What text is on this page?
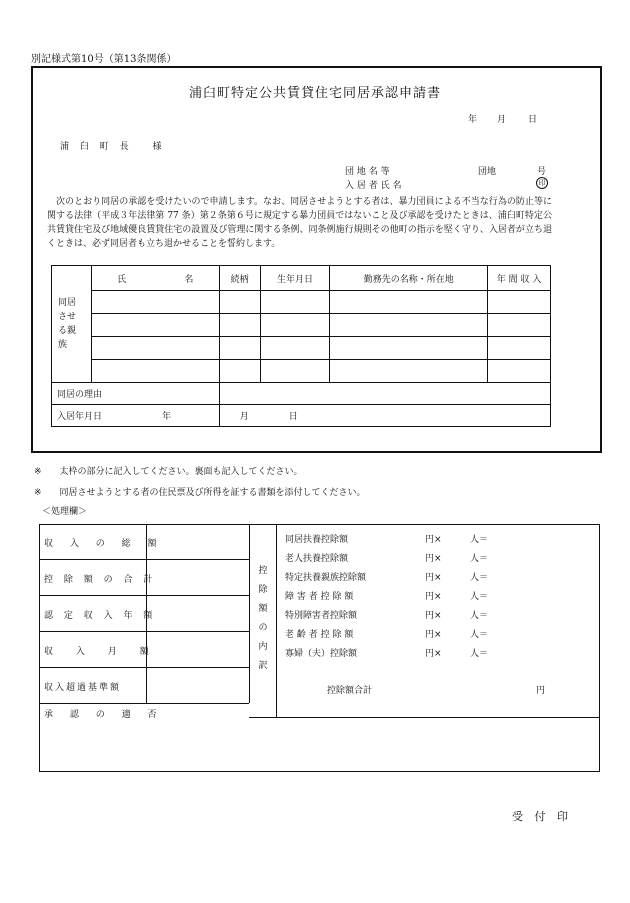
別記様式第10号（第13条関係）
浦臼町特定公共賃貸住宅同居承認申請書
年 月 日
浦 臼 町 長　 様
団 地 名 等	団地	号
入 居 者 氏 名	印
次のとおり同居の承認を受けたいので申請します。なお、同居させようとする者は、暴力団員による不当な行為の防止等に関する法律（平成３年法律第 77 条）第２条第６号に規定する暴力団員ではないこと及び承認を受けたときは、浦臼町特定公共賃貸住宅及び地域優良賃貸住宅の設置及び管理に関する条例、同条例施行規則その他町の指示を堅く守り、入居者が立ち退くときは、必ず同居者も立ち退かせることを誓約します。
同居
させ
る親
族	氏 名	続柄	生年月日	勤務先の名称・所在地	年 間 収 入

同居の理由					
入居年月日 年		月 日			
※ 太枠の部分に記入してください。裏面も記入してください。
※ 同居させようとする者の住民票及び所得を証する書類を添付してください。
＜処理欄＞
収 入 の 総 額
控 除 額 の 合 計
認 定 収 入 年 額
収 入 月 額
収入超過基準額
承 認 の 適 否
控
除
額
の
内
訳
同居扶養控除額	円×	人＝
老人扶養控除額	円×	人＝
特定扶養親族控除額	円×	人＝
障 害 者 控 除 額	円×	人＝
特別障害者控除額	円×	人＝
老 齢 者 控 除 額	円×	人＝
寡婦（夫）控除額	円×	人＝
控除額合計	円
受 付 印
